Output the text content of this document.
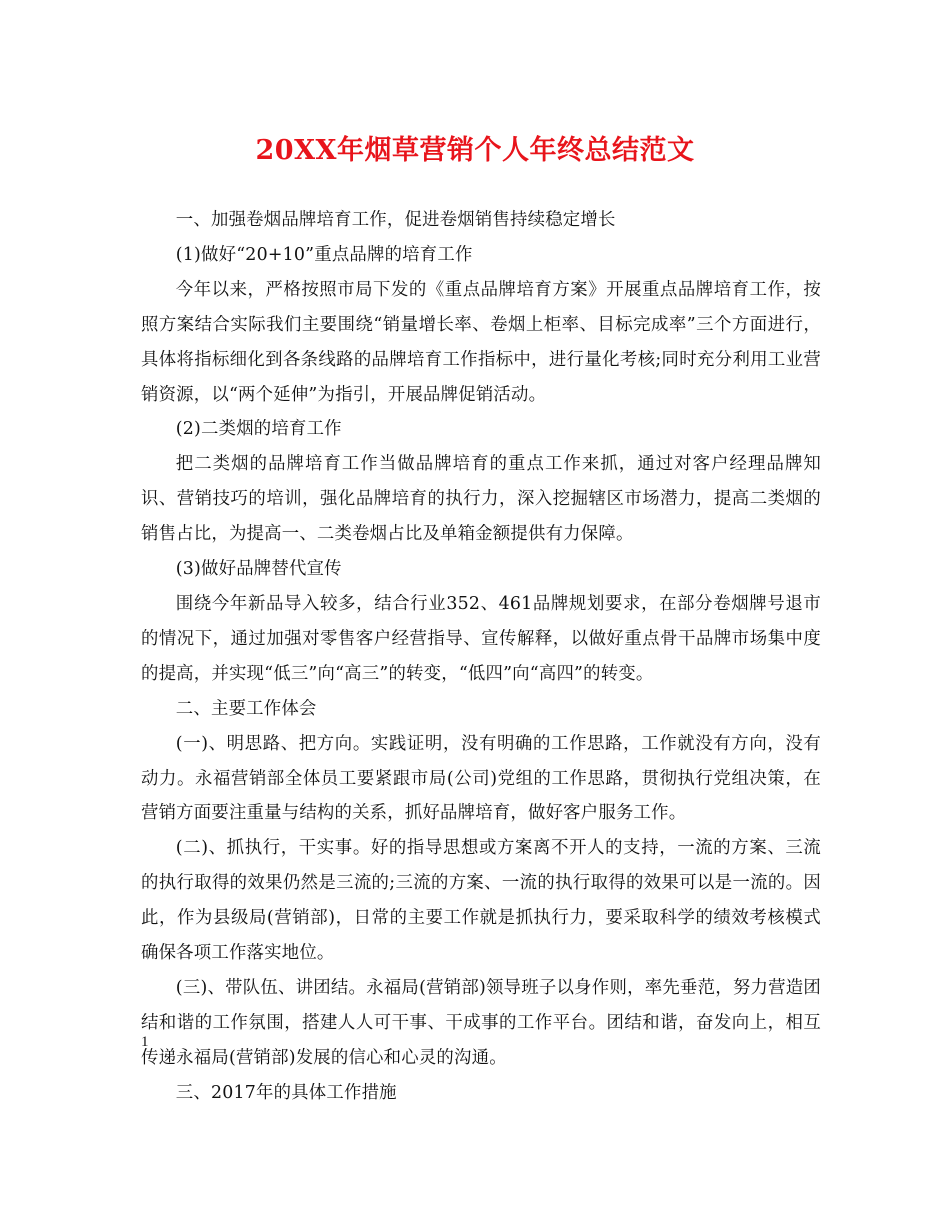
20XX年烟草营销个人年终总结范文

一、加强卷烟品牌培育工作，促进卷烟销售持续稳定增长

(1)做好“20+10”重点品牌的培育工作

今年以来，严格按照市局下发的《重点品牌培育方案》开展重点品牌培育工作，按照方案结合实际我们主要围绕“销量增长率、卷烟上柜率、目标完成率”三个方面进行，具体将指标细化到各条线路的品牌培育工作指标中，进行量化考核;同时充分利用工业营销资源，以“两个延伸”为指引，开展品牌促销活动。

(2)二类烟的培育工作

把二类烟的品牌培育工作当做品牌培育的重点工作来抓，通过对客户经理品牌知识、营销技巧的培训，强化品牌培育的执行力，深入挖掘辖区市场潜力，提高二类烟的销售占比，为提高一、二类卷烟占比及单箱金额提供有力保障。

(3)做好品牌替代宣传

围绕今年新品导入较多，结合行业352、461品牌规划要求，在部分卷烟牌号退市的情况下，通过加强对零售客户经营指导、宣传解释，以做好重点骨干品牌市场集中度的提高，并实现“低三”向“高三”的转变，“低四”向“高四”的转变。

二、主要工作体会

(一)、明思路、把方向。实践证明，没有明确的工作思路，工作就没有方向，没有动力。永福营销部全体员工要紧跟市局(公司)党组的工作思路，贯彻执行党组决策，在营销方面要注重量与结构的关系，抓好品牌培育，做好客户服务工作。

(二)、抓执行，干实事。好的指导思想或方案离不开人的支持，一流的方案、三流的执行取得的效果仍然是三流的;三流的方案、一流的执行取得的效果可以是一流的。因此，作为县级局(营销部)，日常的主要工作就是抓执行力，要采取科学的绩效考核模式确保各项工作落实地位。

(三)、带队伍、讲团结。永福局(营销部)领导班子以身作则，率先垂范，努力营造团结和谐的工作氛围，搭建人人可干事、干成事的工作平台。团结和谐，奋发向上，相互传递永福局(营销部)发展的信心和心灵的沟通。

三、2017年的具体工作措施

1
